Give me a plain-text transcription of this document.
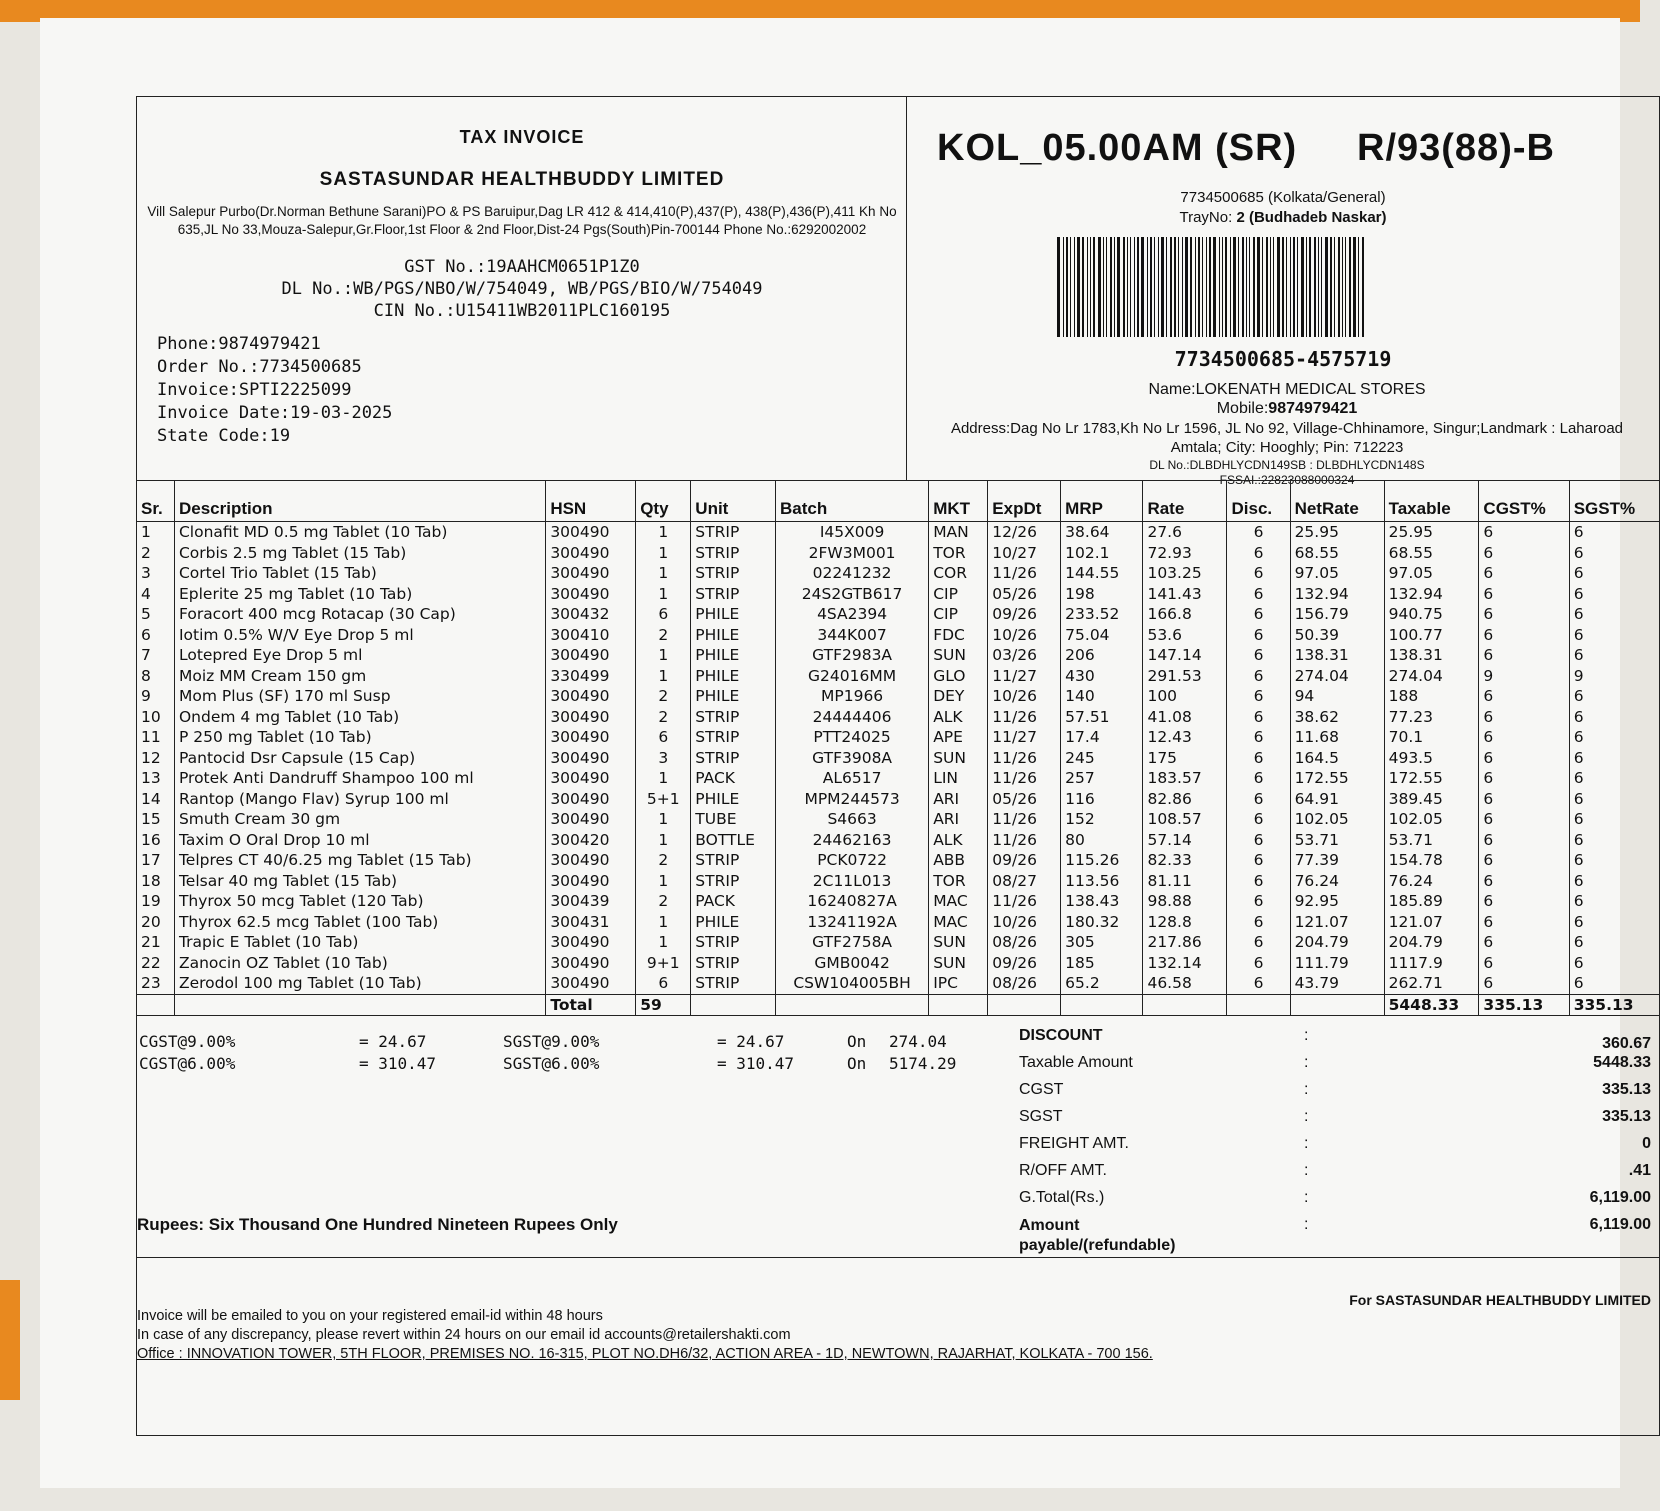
TAX INVOICE
SASTASUNDAR HEALTHBUDDY LIMITED
Vill Salepur Purbo(Dr.Norman Bethune Sarani)PO & PS Baruipur,Dag LR 412 & 414,410(P),437(P), 438(P),436(P),411 Kh No 635,JL No 33,Mouza-Salepur,Gr.Floor,1st Floor & 2nd Floor,Dist-24 Pgs(South)Pin-700144 Phone No.:6292002002
GST No.:19AAHCM0651P1Z0
DL No.:WB/PGS/NBO/W/754049, WB/PGS/BIO/W/754049
CIN No.:U15411WB2011PLC160195
Phone:9874979421
Order No.:7734500685
Invoice:SPTI2225099
Invoice Date:19-03-2025
State Code:19
KOL_05.00AM (SR) R/93(88)-B
7734500685 (Kolkata/General)
TrayNo: 2 (Budhadeb Naskar)
7734500685-4575719
Name:LOKENATH MEDICAL STORES
Mobile:9874979421
Address:Dag No Lr 1783,Kh No Lr 1596, JL No 92, Village-Chhinamore, Singur;Landmark : Laharoad Amtala; City: Hooghly; Pin: 712223
DL No.:DLBDHLYCDN149SB : DLBDHLYCDN148S
FSSAI.:22823088000324
Sr.	Description	HSN	Qty	Unit	Batch	MKT	ExpDt	MRP	Rate	Disc.	NetRate	Taxable	CGST%	SGST%
1	Clonafit MD 0.5 mg Tablet (10 Tab)	300490	1	STRIP	I45X009	MAN	12/26	38.64	27.6	6	25.95	25.95	6	6
2	Corbis 2.5 mg Tablet (15 Tab)	300490	1	STRIP	2FW3M001	TOR	10/27	102.1	72.93	6	68.55	68.55	6	6
3	Cortel Trio Tablet (15 Tab)	300490	1	STRIP	02241232	COR	11/26	144.55	103.25	6	97.05	97.05	6	6
4	Eplerite 25 mg Tablet (10 Tab)	300490	1	STRIP	24S2GTB617	CIP	05/26	198	141.43	6	132.94	132.94	6	6
5	Foracort 400 mcg Rotacap (30 Cap)	300432	6	PHILE	4SA2394	CIP	09/26	233.52	166.8	6	156.79	940.75	6	6
6	Iotim 0.5% W/V Eye Drop 5 ml	300410	2	PHILE	344K007	FDC	10/26	75.04	53.6	6	50.39	100.77	6	6
7	Lotepred Eye Drop 5 ml	300490	1	PHILE	GTF2983A	SUN	03/26	206	147.14	6	138.31	138.31	6	6
8	Moiz MM Cream 150 gm	330499	1	PHILE	G24016MM	GLO	11/27	430	291.53	6	274.04	274.04	9	9
9	Mom Plus (SF) 170 ml Susp	300490	2	PHILE	MP1966	DEY	10/26	140	100	6	94	188	6	6
10	Ondem 4 mg Tablet (10 Tab)	300490	2	STRIP	24444406	ALK	11/26	57.51	41.08	6	38.62	77.23	6	6
11	P 250 mg Tablet (10 Tab)	300490	6	STRIP	PTT24025	APE	11/27	17.4	12.43	6	11.68	70.1	6	6
12	Pantocid Dsr Capsule (15 Cap)	300490	3	STRIP	GTF3908A	SUN	11/26	245	175	6	164.5	493.5	6	6
13	Protek Anti Dandruff Shampoo 100 ml	300490	1	PACK	AL6517	LIN	11/26	257	183.57	6	172.55	172.55	6	6
14	Rantop (Mango Flav) Syrup 100 ml	300490	5+1	PHILE	MPM244573	ARI	05/26	116	82.86	6	64.91	389.45	6	6
15	Smuth Cream 30 gm	300490	1	TUBE	S4663	ARI	11/26	152	108.57	6	102.05	102.05	6	6
16	Taxim O Oral Drop 10 ml	300420	1	BOTTLE	24462163	ALK	11/26	80	57.14	6	53.71	53.71	6	6
17	Telpres CT 40/6.25 mg Tablet (15 Tab)	300490	2	STRIP	PCK0722	ABB	09/26	115.26	82.33	6	77.39	154.78	6	6
18	Telsar 40 mg Tablet (15 Tab)	300490	1	STRIP	2C11L013	TOR	08/27	113.56	81.11	6	76.24	76.24	6	6
19	Thyrox 50 mcg Tablet (120 Tab)	300439	2	PACK	16240827A	MAC	11/26	138.43	98.88	6	92.95	185.89	6	6
20	Thyrox 62.5 mcg Tablet (100 Tab)	300431	1	PHILE	13241192A	MAC	10/26	180.32	128.8	6	121.07	121.07	6	6
21	Trapic E Tablet (10 Tab)	300490	1	STRIP	GTF2758A	SUN	08/26	305	217.86	6	204.79	204.79	6	6
22	Zanocin OZ Tablet (10 Tab)	300490	9+1	STRIP	GMB0042	SUN	09/26	185	132.14	6	111.79	1117.9	6	6
23	Zerodol 100 mg Tablet (10 Tab)	300490	6	STRIP	CSW104005BH	IPC	08/26	65.2	46.58	6	43.79	262.71	6	6
		Total	59									5448.33	335.13	335.13
CGST@9.00%	= 24.67	SGST@9.00%	= 24.67	On 274.04
CGST@6.00%	= 310.47	SGST@6.00%	= 310.47	On 5174.29
DISCOUNT	:	360.67
Taxable Amount	:	5448.33
CGST	:	335.13
SGST	:	335.13
FREIGHT AMT.	:	0
R/OFF AMT.	:	.41
G.Total(Rs.)	:	6,119.00
Amount payable/(refundable)
:	6,119.00
Rupees: Six Thousand One Hundred Nineteen Rupees Only
For SASTASUNDAR HEALTHBUDDY LIMITED
Invoice will be emailed to you on your registered email-id within 48 hours
In case of any discrepancy, please revert within 24 hours on our email id accounts@retailershakti.com
Office : INNOVATION TOWER, 5TH FLOOR, PREMISES NO. 16-315, PLOT NO.DH6/32, ACTION AREA - 1D, NEWTOWN, RAJARHAT, KOLKATA - 700 156.
